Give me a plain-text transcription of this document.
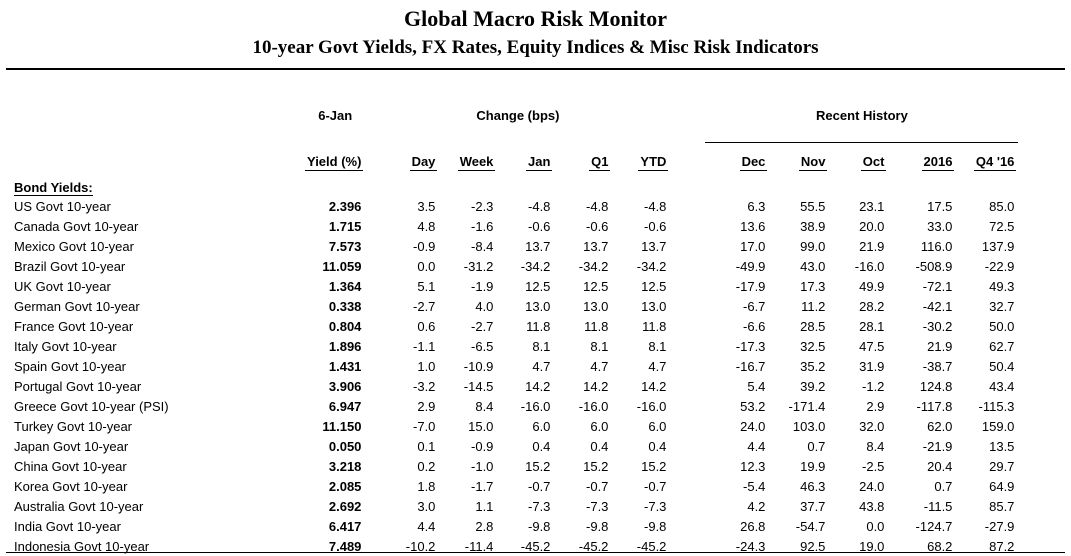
Global Macro Risk Monitor
10-year Govt Yields, FX Rates, Equity Indices & Misc Risk Indicators
	6-Jan	Change (bps)						Recent History				
	Yield (%)	Day	Week	Jan	Q1	YTD		Dec	Nov	Oct	2016	Q4 '16
Bond Yields:												
US Govt 10-year	2.396	3.5	-2.3	-4.8	-4.8	-4.8		6.3	55.5	23.1	17.5	85.0
Canada Govt 10-year	1.715	4.8	-1.6	-0.6	-0.6	-0.6		13.6	38.9	20.0	33.0	72.5
Mexico Govt 10-year	7.573	-0.9	-8.4	13.7	13.7	13.7		17.0	99.0	21.9	116.0	137.9
Brazil Govt 10-year	11.059	0.0	-31.2	-34.2	-34.2	-34.2		-49.9	43.0	-16.0	-508.9	-22.9
UK Govt 10-year	1.364	5.1	-1.9	12.5	12.5	12.5		-17.9	17.3	49.9	-72.1	49.3
German Govt 10-year	0.338	-2.7	4.0	13.0	13.0	13.0		-6.7	11.2	28.2	-42.1	32.7
France Govt 10-year	0.804	0.6	-2.7	11.8	11.8	11.8		-6.6	28.5	28.1	-30.2	50.0
Italy Govt 10-year	1.896	-1.1	-6.5	8.1	8.1	8.1		-17.3	32.5	47.5	21.9	62.7
Spain Govt 10-year	1.431	1.0	-10.9	4.7	4.7	4.7		-16.7	35.2	31.9	-38.7	50.4
Portugal Govt 10-year	3.906	-3.2	-14.5	14.2	14.2	14.2		5.4	39.2	-1.2	124.8	43.4
Greece Govt 10-year (PSI)	6.947	2.9	8.4	-16.0	-16.0	-16.0		53.2	-171.4	2.9	-117.8	-115.3
Turkey Govt 10-year	11.150	-7.0	15.0	6.0	6.0	6.0		24.0	103.0	32.0	62.0	159.0
Japan Govt 10-year	0.050	0.1	-0.9	0.4	0.4	0.4		4.4	0.7	8.4	-21.9	13.5
China Govt 10-year	3.218	0.2	-1.0	15.2	15.2	15.2		12.3	19.9	-2.5	20.4	29.7
Korea Govt 10-year	2.085	1.8	-1.7	-0.7	-0.7	-0.7		-5.4	46.3	24.0	0.7	64.9
Australia Govt 10-year	2.692	3.0	1.1	-7.3	-7.3	-7.3		4.2	37.7	43.8	-11.5	85.7
India Govt 10-year	6.417	4.4	2.8	-9.8	-9.8	-9.8		26.8	-54.7	0.0	-124.7	-27.9
Indonesia Govt 10-year	7.489	-10.2	-11.4	-45.2	-45.2	-45.2		-24.3	92.5	19.0	68.2	87.2
